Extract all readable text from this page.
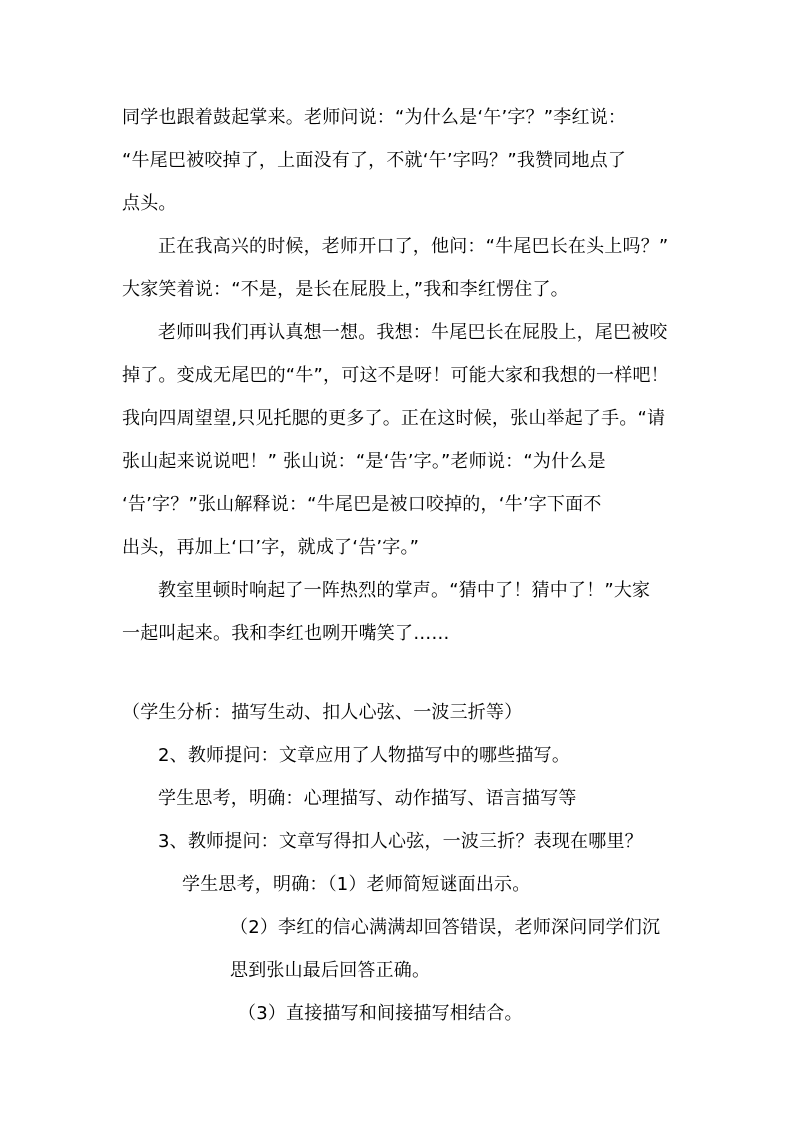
同学也跟着鼓起掌来。老师问说：“为什么是‘午’字？”李红说：
“牛尾巴被咬掉了，上面没有了，不就‘午’字吗？”我赞同地点了
点头。
正在我高兴的时候，老师开口了，他问：“牛尾巴长在头上吗？”
大家笑着说：“不是，是长在屁股上，”我和李红愣住了。
老师叫我们再认真想一想。我想：牛尾巴长在屁股上，尾巴被咬
掉了。变成无尾巴的“牛”，可这不是呀！可能大家和我想的一样吧！
我向四周望望,只见托腮的更多了。正在这时候，张山举起了手。“请
张山起来说说吧！” 张山说：“是‘告’字。”老师说：“为什么是
‘告’字？”张山解释说：“牛尾巴是被口咬掉的，‘牛’字下面不
出头，再加上‘口’字，就成了‘告’字。”
教室里顿时响起了一阵热烈的掌声。“猜中了！猜中了！”大家
一起叫起来。我和李红也咧开嘴笑了……
（学生分析：描写生动、扣人心弦、一波三折等）
2、教师提问：文章应用了人物描写中的哪些描写。
学生思考，明确：心理描写、动作描写、语言描写等
3、教师提问：文章写得扣人心弦，一波三折？表现在哪里？
学生思考，明确：（1）老师简短谜面出示。
（2）李红的信心满满却回答错误，老师深问同学们沉
思到张山最后回答正确。
（3）直接描写和间接描写相结合。
